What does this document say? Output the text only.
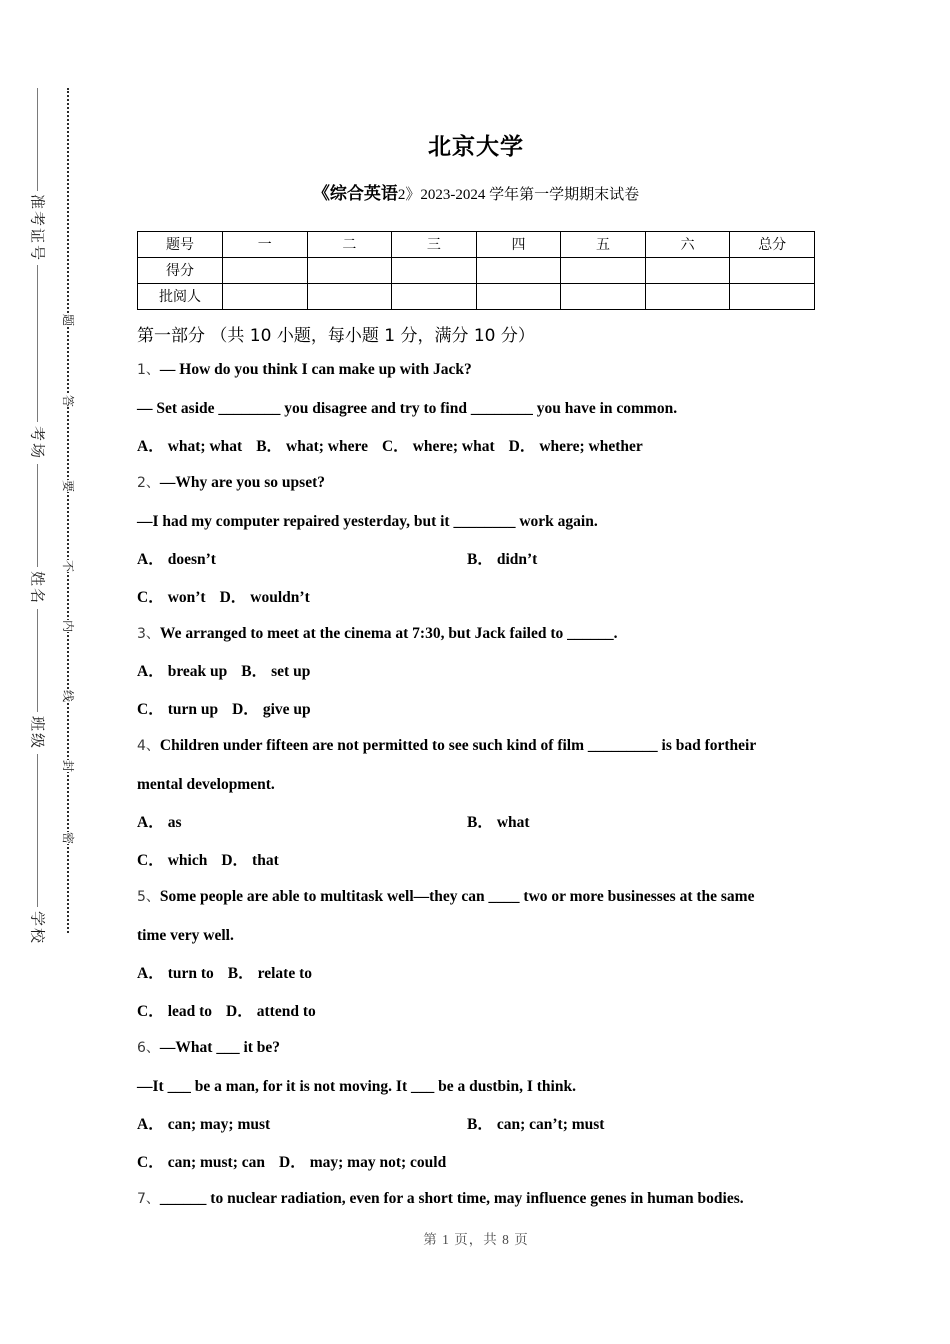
准考证号
考场
姓名
班级
学校
题
答
要
不
内
线
封
密
北京大学
《综合英语2》2023-2024 学年第一学期期末试卷
题号	一	二	三	四	五	六	总分
得分							
批阅人							
第一部分 （共 10 小题，每小题 1 分，满分 10 分）
1、— How do you think I can make up with Jack?
— Set aside ________ you disagree and try to find ________ you have in common.
A． what; what B． what; where C． where; what D． where; whether
2、—Why are you so upset?
—I had my computer repaired yesterday, but it ________ work again.
A． doesn’t	B． didn’t
C． won’t D． wouldn’t
3、We arranged to meet at the cinema at 7:30, but Jack failed to ______.
A． break up B． set up
C． turn up D． give up
4、Children under fifteen are not permitted to see such kind of film _________ is bad fortheir
mental development.
A． as	B． what
C． which D． that
5、Some people are able to multitask well—they can ____ two or more businesses at the same
time very well.
A． turn to B． relate to
C． lead to D． attend to
6、—What ___ it be?
—It ___ be a man, for it is not moving. It ___ be a dustbin, I think.
A． can; may; must	B． can; can’t; must
C． can; must; can D． may; may not; could
7、______ to nuclear radiation, even for a short time, may influence genes in human bodies.
第 1 页，共 8 页
